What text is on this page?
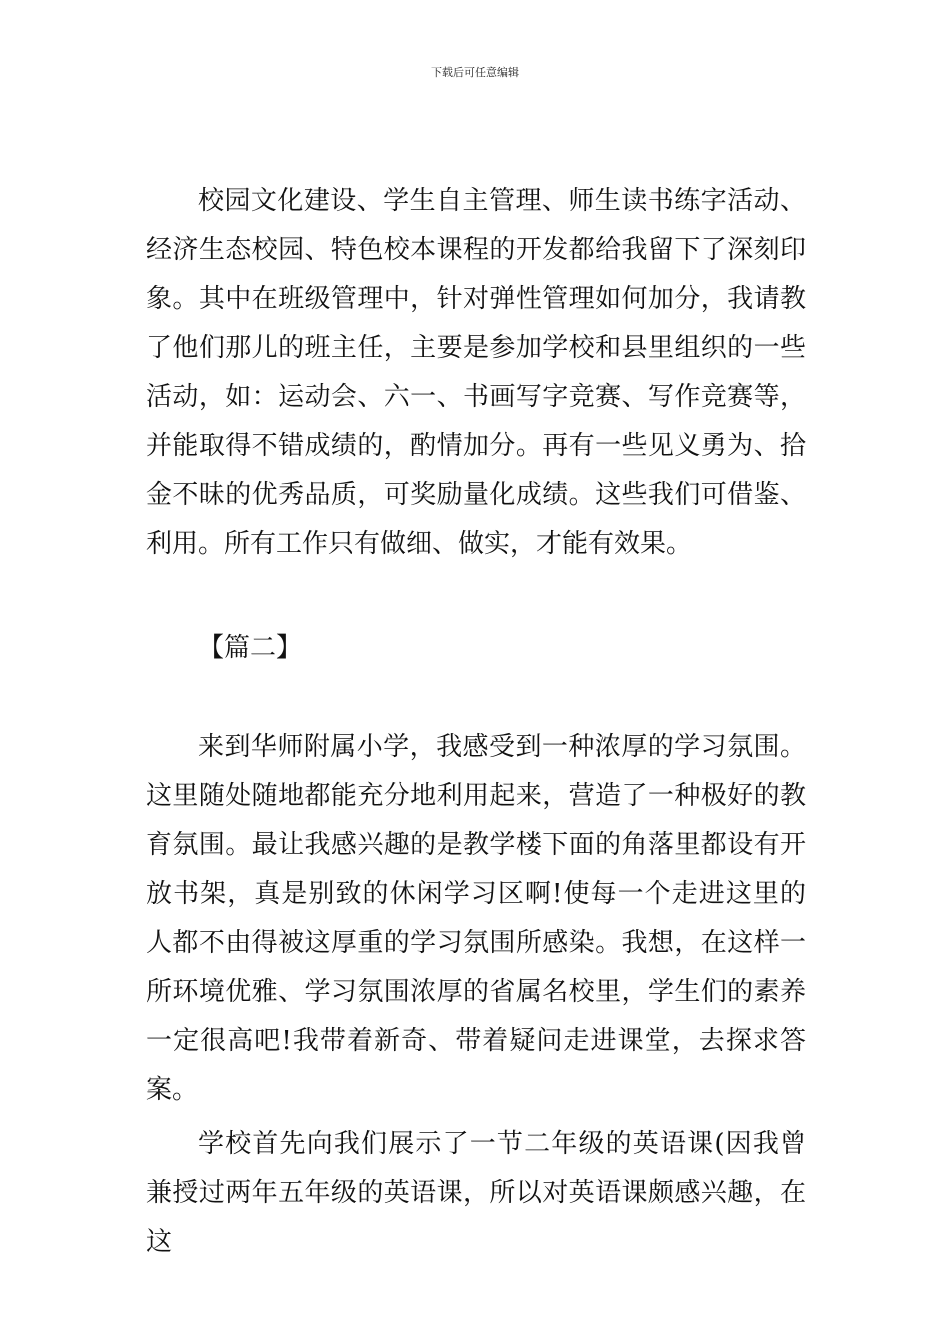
下载后可任意编辑
校园文化建设、学生自主管理、师生读书练字活动、经济生态校园、特色校本课程的开发都给我留下了深刻印象。其中在班级管理中，针对弹性管理如何加分，我请教了他们那儿的班主任，主要是参加学校和县里组织的一些活动，如：运动会、六一、书画写字竞赛、写作竞赛等，并能取得不错成绩的，酌情加分。再有一些见义勇为、拾金不昧的优秀品质，可奖励量化成绩。这些我们可借鉴、利用。所有工作只有做细、做实，才能有效果。
【篇二】
来到华师附属小学，我感受到一种浓厚的学习氛围。这里随处随地都能充分地利用起来，营造了一种极好的教育氛围。最让我感兴趣的是教学楼下面的角落里都设有开放书架，真是别致的休闲学习区啊!使每一个走进这里的人都不由得被这厚重的学习氛围所感染。我想，在这样一所环境优雅、学习氛围浓厚的省属名校里，学生们的素养一定很高吧!我带着新奇、带着疑问走进课堂，去探求答案。
学校首先向我们展示了一节二年级的英语课(因我曾兼授过两年五年级的英语课，所以对英语课颇感兴趣，在这
